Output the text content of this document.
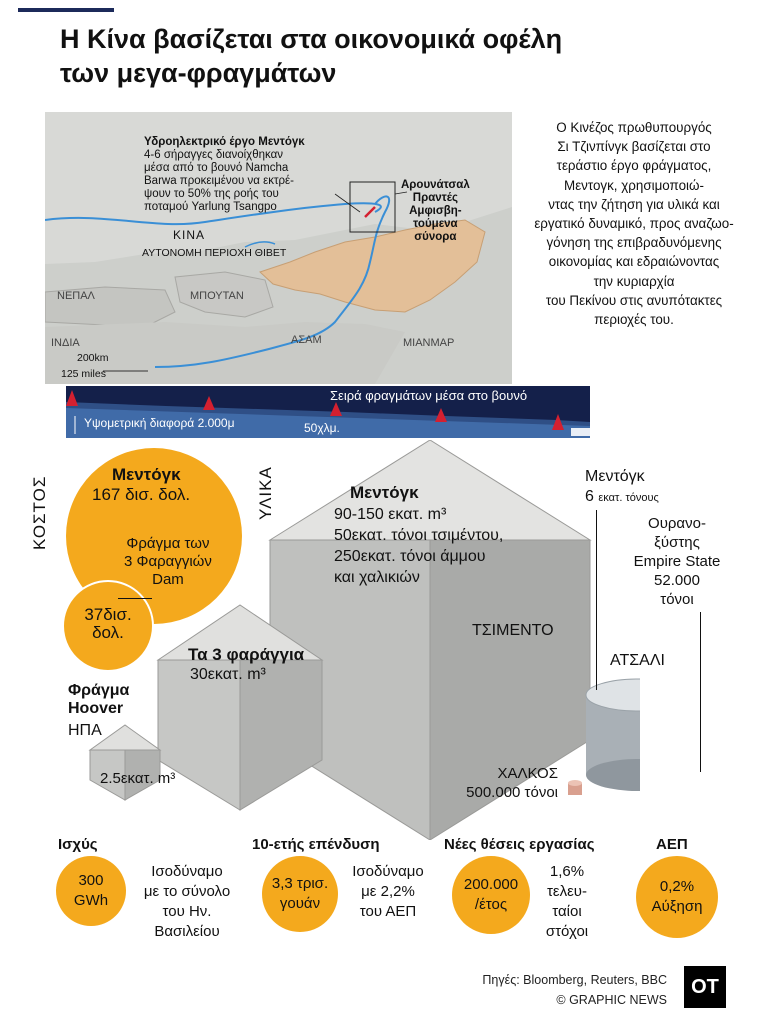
Η Κίνα βασίζεται στα οικονομικά οφέλη
των μεγα-φραγμάτων
Υδροηλεκτρικό έργο Μεντόγκ
4-6 σήραγγες διανοίχθηκαν
μέσα από το βουνό Namcha
Barwa προκειμένου να εκτρέ-
ψουν το 50% της ροής του
ποταμού Yarlung Tsangpo
Αρουνάτσαλ
Πραντές
Αμφισβη-
τούμενα
σύνορα
ΚΙΝΑ
ΑΥΤΟΝΟΜΗ ΠΕΡΙΟΧΗ ΘΙΒΕΤ
ΝΕΠΑΛ	ΜΠΟΥΤΑΝ
ΙΝΔΙΑ	ΑΣΑΜ	ΜΙΑΝΜΑΡ
200km
125 miles
Ο Κινέζος πρωθυπουργός
Σι Τζινπίνγκ βασίζεται στο
τεράστιο έργο φράγματος,
Μεντογκ, χρησιμοποιώ-
ντας την ζήτηση για υλικά και
εργατικό δυναμικό, προς αναζωο-
γόνηση της επιβραδυνόμενης
οικονομίας και εδραιώνοντας
την κυριαρχία
του Πεκίνου στις ανυπότακτες
περιοχές του.
Σειρά φραγμάτων μέσα στο βουνό
Υψομετρική διαφορά 2.000μ	50χλμ.
ΚΟΣΤΟΣ
Μεντόγκ
167 δισ. δολ.
Φράγμα των
3 Φαραγγιών
Dam
37δισ.
δολ.
ΥΛΙΚΑ	Μεντόγκ
90-150 εκατ. m³
50εκατ. τόνοι τσιμέντου,
250εκατ. τόνοι άμμου
και χαλικιών
ΤΣΙΜΕΝΤΟ
Τα 3 φαράγγια
30εκατ. m³
Φράγμα
Hoover
ΗΠΑ
2.5εκατ. m³
Μεντόγκ
6 εκατ. τόνους
Ουρανο-
ξύστης
Empire State
52.000
τόνοι
ΑΤΣΑΛΙ
ΧΑΛΚΟΣ
500.000 τόνοι
Ισχύς
300
GWh
Ισοδύναμο
με το σύνολο
του Ην.
Βασιλείου
10-ετής επένδυση
3,3 τρισ.
γουάν
Ισοδύναμο
με 2,2%
του ΑΕΠ
Νέες θέσεις εργασίας
200.000
/έτος
1,6%
τελευ-
ταίοι
στόχοι
ΑΕΠ
0,2%
Αύξηση
Πηγές: Bloomberg, Reuters, BBC
© GRAPHIC NEWS
OT
